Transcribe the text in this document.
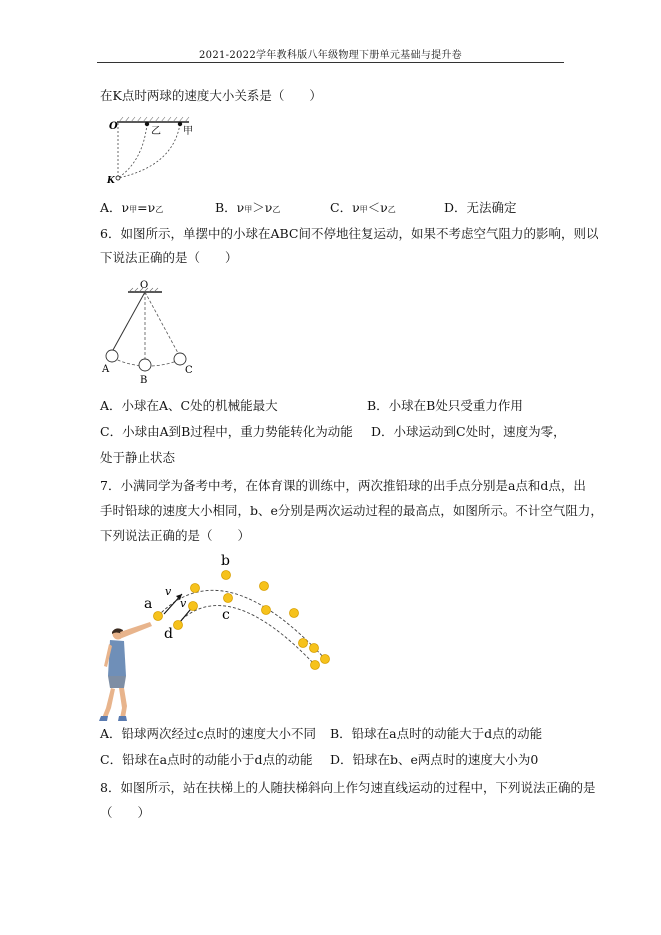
2021-2022学年教科版八年级物理下册单元基础与提升卷
在K点时两球的速度大小关系是（　　）
O	乙 甲
K
A．ν甲=ν乙	B．ν甲＞ν乙	C．ν甲＜ν乙	D．无法确定
6．如图所示，单摆中的小球在ABC间不停地往复运动，如果不考虑空气阻力的影响，则以
下说法正确的是（　　）
O
A
B
C
A．小球在A、C处的机械能最大	B．小球在B处只受重力作用
C．小球由A到B过程中，重力势能转化为动能 D．小球运动到C处时，速度为零，
处于静止状态
7．小满同学为备考中考，在体育课的训练中，两次推铅球的出手点分别是a点和d点，出
手时铅球的速度大小相同，b、e分别是两次运动过程的最高点，如图所示。不计空气阻力，
下列说法正确的是（　　）
v
v
b
c
a
d
A．铅球两次经过c点时的速度大小不同 B．铅球在a点时的动能大于d点的动能
C．铅球在a点时的动能小于d点的动能 D．铅球在b、e两点时的速度大小为0
8．如图所示，站在扶梯上的人随扶梯斜向上作匀速直线运动的过程中，下列说法正确的是
（　　）
